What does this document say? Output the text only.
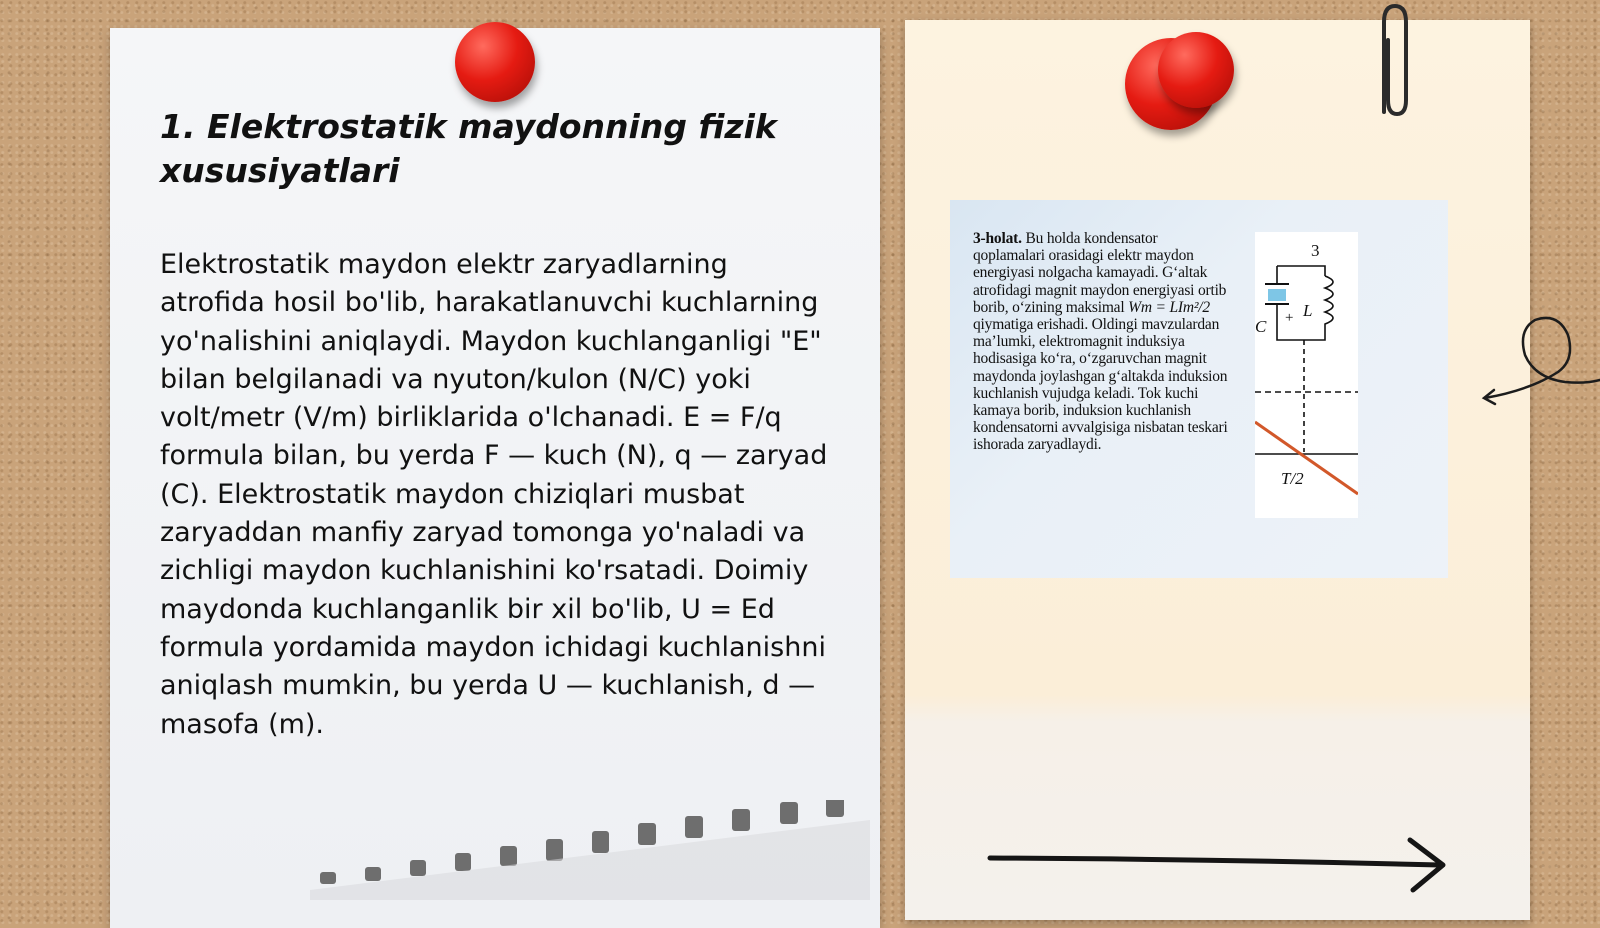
1. Elektrostatik maydonning fizik xususiyatlari

Elektrostatik maydon elektr zaryadlarning atrofida hosil bo'lib, harakatlanuvchi kuchlarning yo'nalishini aniqlaydi. Maydon kuchlanganligi "E" bilan belgilanadi va nyuton/kulon (N/C) yoki volt/metr (V/m) birliklarida o'lchanadi. E = F/q formula bilan, bu yerda F — kuch (N), q — zaryad (C). Elektrostatik maydon chiziqlari musbat zaryaddan manfiy zaryad tomonga yo'naladi va zichligi maydon kuchlanishini ko'rsatadi. Doimiy maydonda kuchlanganlik bir xil bo'lib, U = Ed formula yordamida maydon ichidagi kuchlanishni aniqlash mumkin, bu yerda U — kuchlanish, d — masofa (m).

3-holat. Bu holda kondensator qoplamalari orasidagi elektr maydon energiyasi nolgacha kamayadi. G‘altak atrofidagi magnit maydon energiyasi ortib borib, o‘zining maksimal Wm = LIm²/2 qiymatiga erishadi. Oldingi mavzulardan ma’lumki, elektromagnit induksiya hodisasiga ko‘ra, o‘zgaruvchan magnit maydonda joylashgan g‘altakda induksion kuchlanish vujudga keladi. Tok kuchi kamaya borib, induksion kuchlanish kondensatorni avvalgisiga nisbatan teskari ishorada zaryadlaydi.

3
L
C +
T/2
